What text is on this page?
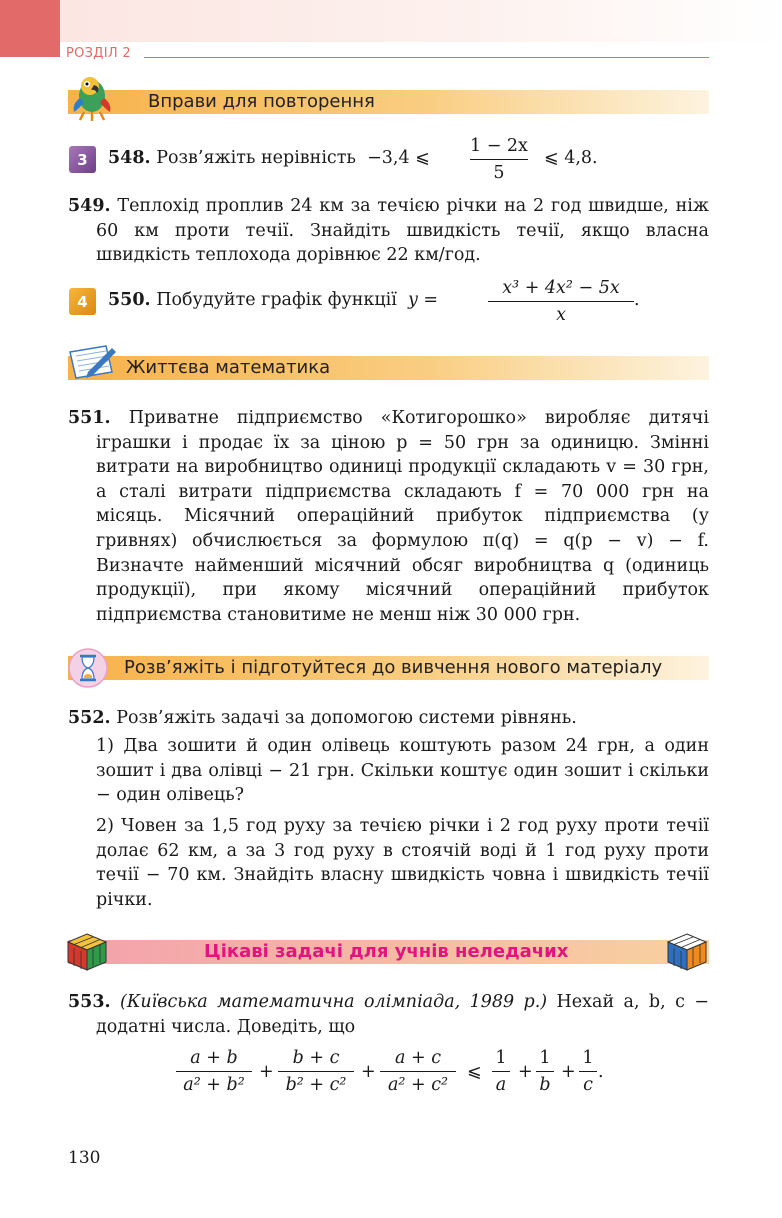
РОЗДІЛ 2
Вправи для повторення
3	548. Розв’яжіть нерівність −3,4 ⩽
1 − 2x
5
⩽ 4,8.
549. Теплохід проплив 24 км за течією річки на 2 год швидше, ніж 60 км проти течії. Знайдіть швидкість течії, якщо власна швидкість теплохода дорівнює 22 км/год.
4	550. Побудуйте графік функції y =
x³ + 4x² − 5x
x
.
Життєва математика
551. Приватне підприємство «Котигорошко» виробляє дитячі іграшки і продає їх за ціною p = 50 грн за одиницю. Змінні витрати на виробництво одиниці продукції складають v = 30 грн, а сталі витрати підприємства складають f = 70 000 грн на місяць. Місячний операційний прибуток підприємства (у гривнях) обчислюється за формулою π(q) = q(p − v) − f. Визначте найменший місячний обсяг виробництва q (одиниць продукції), при якому місячний операційний прибуток підприємства становитиме не менш ніж 30 000 грн.
Розв’яжіть і підготуйтеся до вивчення нового матеріалу
552. Розв’яжіть задачі за допомогою системи рівнянь.
1) Два зошити й один олівець коштують разом 24 грн, а один зошит і два олівці − 21 грн. Скільки коштує один зошит і скільки − один олівець?
2) Човен за 1,5 год руху за течією річки і 2 год руху проти течії долає 62 км, а за 3 год руху в стоячій воді й 1 год руху проти течії − 70 км. Знайдіть власну швидкість човна і швидкість течії річки.
Цікаві задачі для учнів неледачих
553. (Київська математична олімпіада, 1989 р.) Нехай a, b, c − додатні числа. Доведіть, що
a + b
a² + b²
+
b + c
b² + c²
+
a + c
a² + c²
⩽
1
a
+
1
b
+
1
c
.
130
